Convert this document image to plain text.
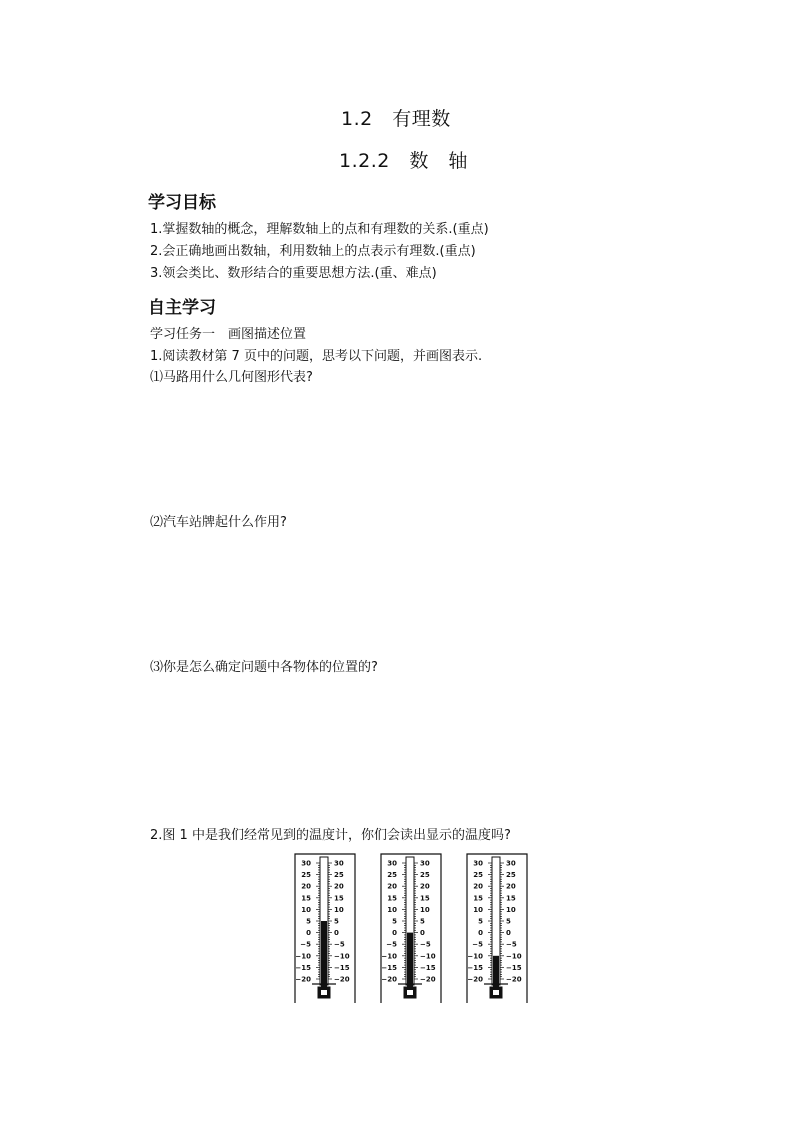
1.2　有理数
1.2.2　数　轴
学习目标
1.掌握数轴的概念，理解数轴上的点和有理数的关系.(重点)
2.会正确地画出数轴，利用数轴上的点表示有理数.(重点)
3.领会类比、数形结合的重要思想方法.(重、难点)
自主学习
学习任务一　画图描述位置
1.阅读教材第 7 页中的问题，思考以下问题，并画图表示.
⑴马路用什么几何图形代表?
⑵汽车站牌起什么作用?
⑶你是怎么确定问题中各物体的位置的?
2.图 1 中是我们经常见到的温度计，你们会读出显示的温度吗?
30	30
25	25
20	20
15	15
10	10
5	5
0	0
−5	−5
−10	−10
−15	−15
−20	−20
30	30
25	25
20	20
15	15
10	10
5	5
0	0
−5	−5
−10	−10
−15	−15
−20	−20
30	30
25	25
20	20
15	15
10	10
5	5
0	0
−5	−5
−10	−10
−15	−15
−20	−20
